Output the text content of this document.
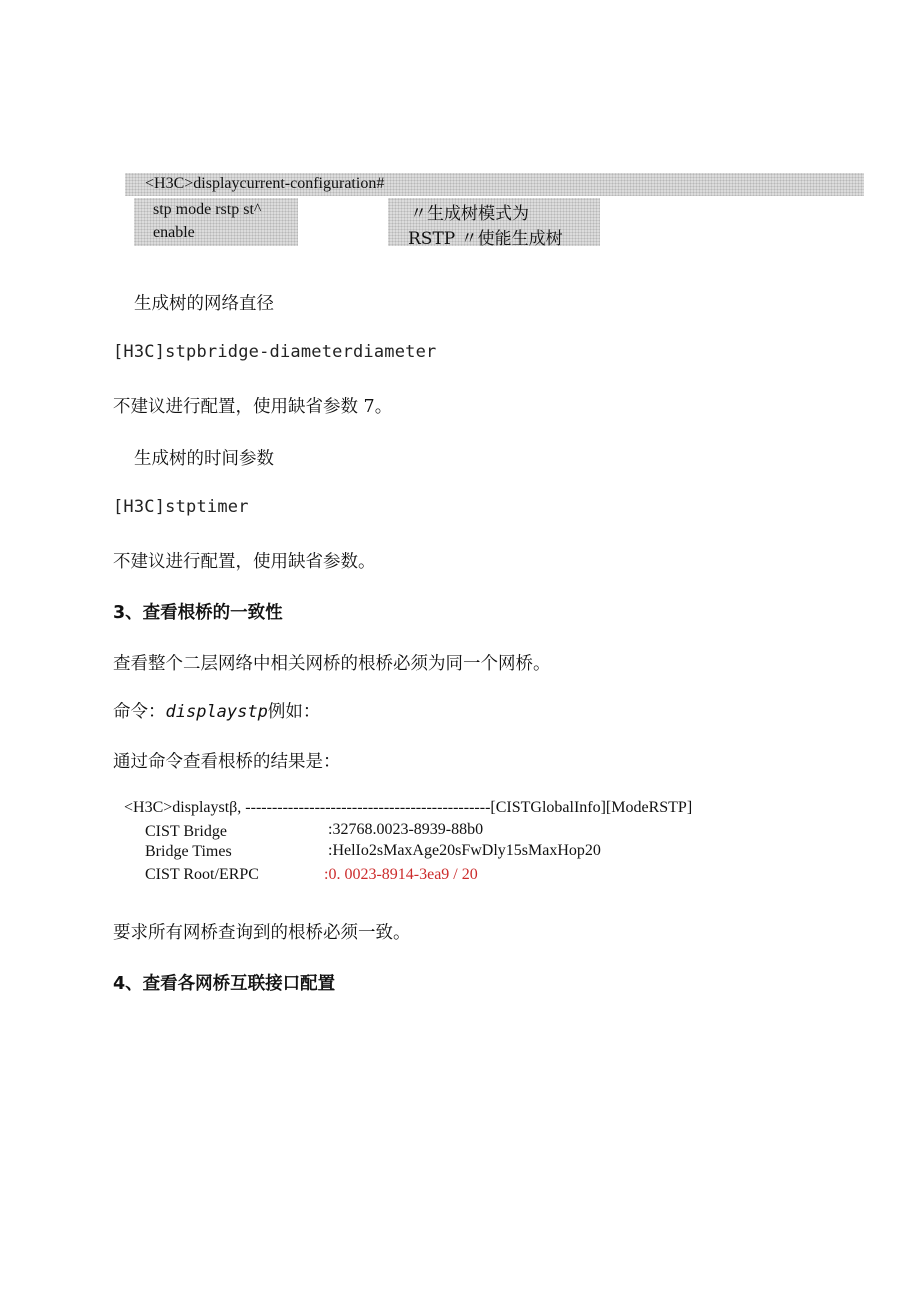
<H3C>displaycurrent-configuration#
stp mode rstp st^
enable
〃生成树模式为
RSTP 〃使能生成树
生成树的网络直径
[H3C]stpbridge-diameterdiameter
不建议进行配置，使用缺省参数 7。
生成树的时间参数
[H3C]stptimer
不建议进行配置，使用缺省参数。
3、查看根桥的一致性
查看整个二层网络中相关网桥的根桥必须为同一个网桥。
命令：displaystp例如：
通过命令查看根桥的结果是：
<H3C>displaystβ, ----------------------------------------------[CISTGlobalInfo][ModeRSTP]
CIST Bridge	:32768.0023-8939-88b0
Bridge Times	:HelIo2sMaxAge20sFwDly15sMaxHop20
CIST Root/ERPC	:0. 0023-8914-3ea9 / 20
要求所有网桥查询到的根桥必须一致。
4、查看各网桥互联接口配置
